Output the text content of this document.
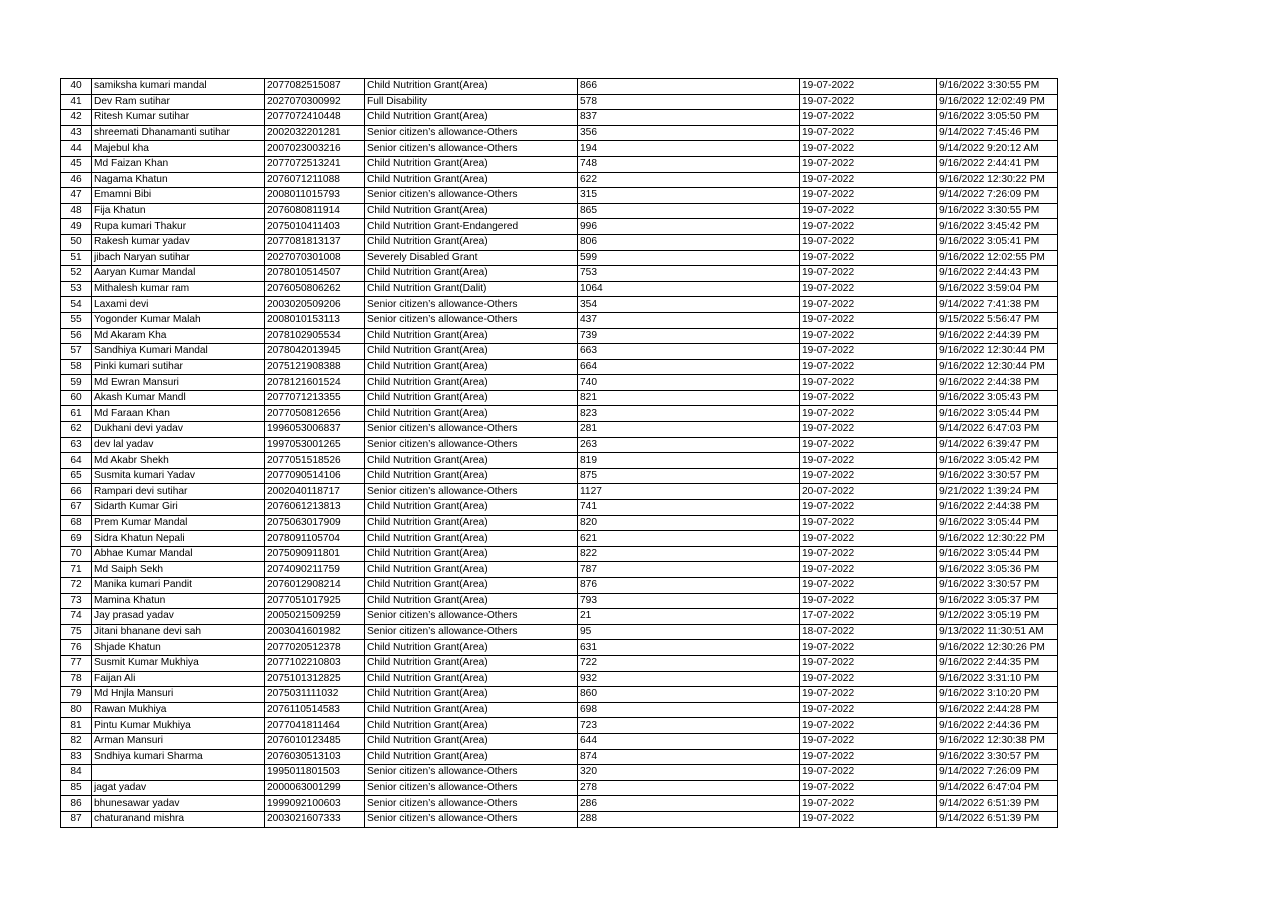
40	samiksha kumari mandal	2077082515087	Child Nutrition Grant(Area)	866	19-07-2022	9/16/2022 3:30:55 PM
41	Dev Ram sutihar	2027070300992	Full Disability	578	19-07-2022	9/16/2022 12:02:49 PM
42	Ritesh Kumar sutihar	2077072410448	Child Nutrition Grant(Area)	837	19-07-2022	9/16/2022 3:05:50 PM
43	shreemati Dhanamanti sutihar	2002032201281	Senior citizen’s allowance-Others	356	19-07-2022	9/14/2022 7:45:46 PM
44	Majebul kha	2007023003216	Senior citizen’s allowance-Others	194	19-07-2022	9/14/2022 9:20:12 AM
45	Md Faizan Khan	2077072513241	Child Nutrition Grant(Area)	748	19-07-2022	9/16/2022 2:44:41 PM
46	Nagama Khatun	2076071211088	Child Nutrition Grant(Area)	622	19-07-2022	9/16/2022 12:30:22 PM
47	Emamni Bibi	2008011015793	Senior citizen’s allowance-Others	315	19-07-2022	9/14/2022 7:26:09 PM
48	Fija Khatun	2076080811914	Child Nutrition Grant(Area)	865	19-07-2022	9/16/2022 3:30:55 PM
49	Rupa kumari Thakur	2075010411403	Child Nutrition Grant-Endangered	996	19-07-2022	9/16/2022 3:45:42 PM
50	Rakesh kumar yadav	2077081813137	Child Nutrition Grant(Area)	806	19-07-2022	9/16/2022 3:05:41 PM
51	jibach Naryan sutihar	2027070301008	Severely Disabled Grant	599	19-07-2022	9/16/2022 12:02:55 PM
52	Aaryan Kumar Mandal	2078010514507	Child Nutrition Grant(Area)	753	19-07-2022	9/16/2022 2:44:43 PM
53	Mithalesh kumar ram	2076050806262	Child Nutrition Grant(Dalit)	1064	19-07-2022	9/16/2022 3:59:04 PM
54	Laxami devi	2003020509206	Senior citizen’s allowance-Others	354	19-07-2022	9/14/2022 7:41:38 PM
55	Yogonder Kumar Malah	2008010153113	Senior citizen’s allowance-Others	437	19-07-2022	9/15/2022 5:56:47 PM
56	Md Akaram Kha	2078102905534	Child Nutrition Grant(Area)	739	19-07-2022	9/16/2022 2:44:39 PM
57	Sandhiya Kumari Mandal	2078042013945	Child Nutrition Grant(Area)	663	19-07-2022	9/16/2022 12:30:44 PM
58	Pinki kumari sutihar	2075121908388	Child Nutrition Grant(Area)	664	19-07-2022	9/16/2022 12:30:44 PM
59	Md Ewran Mansuri	2078121601524	Child Nutrition Grant(Area)	740	19-07-2022	9/16/2022 2:44:38 PM
60	Akash Kumar Mandl	2077071213355	Child Nutrition Grant(Area)	821	19-07-2022	9/16/2022 3:05:43 PM
61	Md Faraan Khan	2077050812656	Child Nutrition Grant(Area)	823	19-07-2022	9/16/2022 3:05:44 PM
62	Dukhani devi yadav	1996053006837	Senior citizen’s allowance-Others	281	19-07-2022	9/14/2022 6:47:03 PM
63	dev lal yadav	1997053001265	Senior citizen’s allowance-Others	263	19-07-2022	9/14/2022 6:39:47 PM
64	Md Akabr Shekh	2077051518526	Child Nutrition Grant(Area)	819	19-07-2022	9/16/2022 3:05:42 PM
65	Susmita kumari Yadav	2077090514106	Child Nutrition Grant(Area)	875	19-07-2022	9/16/2022 3:30:57 PM
66	Rampari devi sutihar	2002040118717	Senior citizen’s allowance-Others	1127	20-07-2022	9/21/2022 1:39:24 PM
67	Sidarth Kumar Giri	2076061213813	Child Nutrition Grant(Area)	741	19-07-2022	9/16/2022 2:44:38 PM
68	Prem Kumar Mandal	2075063017909	Child Nutrition Grant(Area)	820	19-07-2022	9/16/2022 3:05:44 PM
69	Sidra Khatun Nepali	2078091105704	Child Nutrition Grant(Area)	621	19-07-2022	9/16/2022 12:30:22 PM
70	Abhae Kumar Mandal	2075090911801	Child Nutrition Grant(Area)	822	19-07-2022	9/16/2022 3:05:44 PM
71	Md Saiph Sekh	2074090211759	Child Nutrition Grant(Area)	787	19-07-2022	9/16/2022 3:05:36 PM
72	Manika kumari Pandit	2076012908214	Child Nutrition Grant(Area)	876	19-07-2022	9/16/2022 3:30:57 PM
73	Mamina Khatun	2077051017925	Child Nutrition Grant(Area)	793	19-07-2022	9/16/2022 3:05:37 PM
74	Jay prasad yadav	2005021509259	Senior citizen’s allowance-Others	21	17-07-2022	9/12/2022 3:05:19 PM
75	Jitani bhanane devi sah	2003041601982	Senior citizen’s allowance-Others	95	18-07-2022	9/13/2022 11:30:51 AM
76	Shjade Khatun	2077020512378	Child Nutrition Grant(Area)	631	19-07-2022	9/16/2022 12:30:26 PM
77	Susmit Kumar Mukhiya	2077102210803	Child Nutrition Grant(Area)	722	19-07-2022	9/16/2022 2:44:35 PM
78	Faijan Ali	2075101312825	Child Nutrition Grant(Area)	932	19-07-2022	9/16/2022 3:31:10 PM
79	Md Hnjla Mansuri	2075031111032	Child Nutrition Grant(Area)	860	19-07-2022	9/16/2022 3:10:20 PM
80	Rawan Mukhiya	2076110514583	Child Nutrition Grant(Area)	698	19-07-2022	9/16/2022 2:44:28 PM
81	Pintu Kumar Mukhiya	2077041811464	Child Nutrition Grant(Area)	723	19-07-2022	9/16/2022 2:44:36 PM
82	Arman Mansuri	2076010123485	Child Nutrition Grant(Area)	644	19-07-2022	9/16/2022 12:30:38 PM
83	Sndhiya kumari Sharma	2076030513103	Child Nutrition Grant(Area)	874	19-07-2022	9/16/2022 3:30:57 PM
84		1995011801503	Senior citizen’s allowance-Others	320	19-07-2022	9/14/2022 7:26:09 PM
85	jagat yadav	2000063001299	Senior citizen’s allowance-Others	278	19-07-2022	9/14/2022 6:47:04 PM
86	bhunesawar yadav	1999092100603	Senior citizen’s allowance-Others	286	19-07-2022	9/14/2022 6:51:39 PM
87	chaturanand mishra	2003021607333	Senior citizen’s allowance-Others	288	19-07-2022	9/14/2022 6:51:39 PM
